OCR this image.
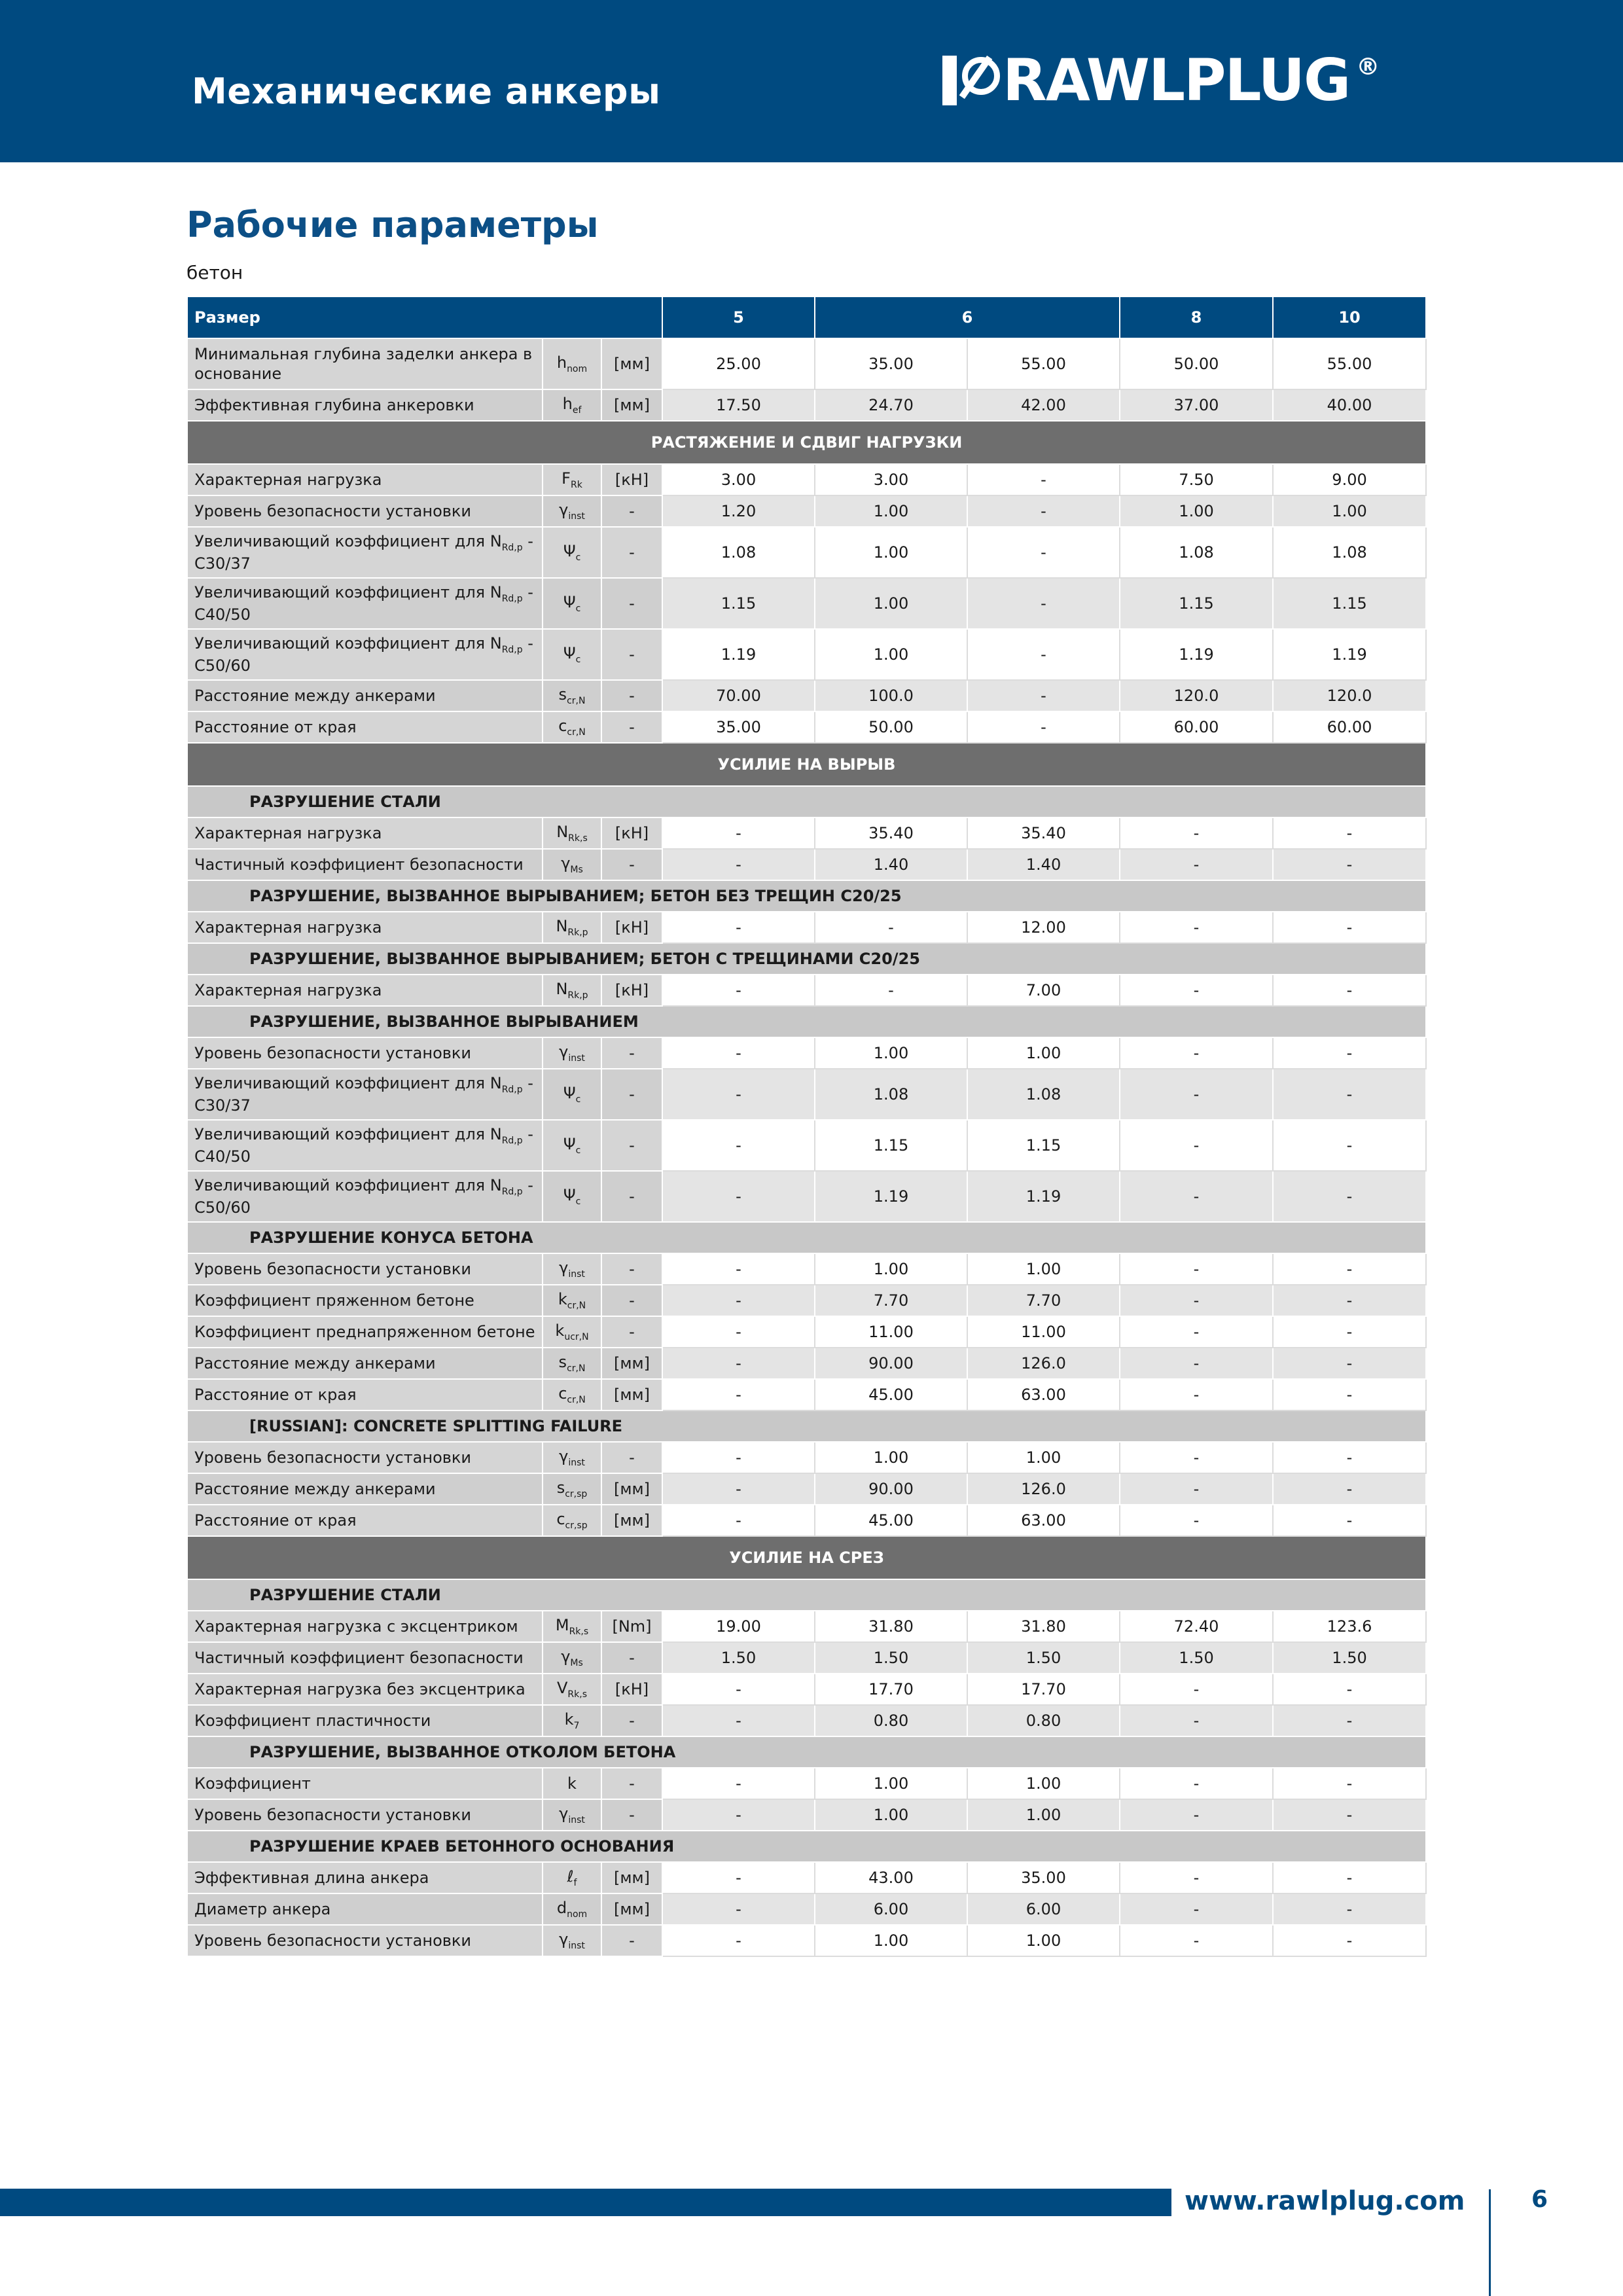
Механические анкеры	RAWLPLUG ®
Рабочие параметры
бетон
Размер			5	6		8	10
Минимальная глубина заделки анкера в основание	$h_{nom}$	[мм]	25.00	35.00	55.00	50.00	55.00
Эффективная глубина анкеровки	$h_{ef}$	[мм]	17.50	24.70	42.00	37.00	40.00
РАСТЯЖЕНИЕ И СДВИГ НАГРУЗКИ							
Характерная нагрузка	$F_{Rk}$	[кН]	3.00	3.00	-	7.50	9.00
Уровень безопасности установки	$\gamma_{inst}$	-	1.20	1.00	-	1.00	1.00
Увеличивающий коэффициент для $N_{Rd,p} - C30/37$	$\Psi_c$	-	1.08	1.00	-	1.08	1.08
Увеличивающий коэффициент для $N_{Rd,p} - C40/50$	$\Psi_c$	-	1.15	1.00	-	1.15	1.15
Увеличивающий коэффициент для $N_{Rd,p} - C50/60$	$\Psi_c$	-	1.19	1.00	-	1.19	1.19
Расстояние между анкерами	$s_{cr,N}$	-	70.00	100.0	-	120.0	120.0
Расстояние от края	$c_{cr,N}$	-	35.00	50.00	-	60.00	60.00
УСИЛИЕ НА ВЫРЫВ							
РАЗРУШЕНИЕ СТАЛИ							
Характерная нагрузка	$N_{Rk,s}$	[кН]	-	35.40	35.40	-	-
Частичный коэффициент безопасности	$\gamma_{Ms}$	-	-	1.40	1.40	-	-
РАЗРУШЕНИЕ, ВЫЗВАННОЕ ВЫРЫВАНИЕМ; БЕТОН БЕЗ ТРЕЩИН C20/25							
Характерная нагрузка	$N_{Rk,p}$	[кН]	-	-	12.00	-	-
РАЗРУШЕНИЕ, ВЫЗВАННОЕ ВЫРЫВАНИЕМ; БЕТОН С ТРЕЩИНАМИ C20/25							
Характерная нагрузка	$N_{Rk,p}$	[кН]	-	-	7.00	-	-
РАЗРУШЕНИЕ, ВЫЗВАННОЕ ВЫРЫВАНИЕМ							
Уровень безопасности установки	$\gamma_{inst}$	-	-	1.00	1.00	-	-
Увеличивающий коэффициент для $N_{Rd,p} - C30/37$	$\Psi_c$	-	-	1.08	1.08	-	-
Увеличивающий коэффициент для $N_{Rd,p} - C40/50$	$\Psi_c$	-	-	1.15	1.15	-	-
Увеличивающий коэффициент для $N_{Rd,p} - C50/60$	$\Psi_c$	-	-	1.19	1.19	-	-
РАЗРУШЕНИЕ КОНУСА БЕТОНА							
Уровень безопасности установки	$\gamma_{inst}$	-	-	1.00	1.00	-	-
Коэффициент пряженном бетоне	$k_{cr,N}$	-	-	7.70	7.70	-	-
Коэффициент преднапряженном бетоне	$k_{ucr,N}$	-	-	11.00	11.00	-	-
Расстояние между анкерами	$s_{cr,N}$	[мм]	-	90.00	126.0	-	-
Расстояние от края	$c_{cr,N}$	[мм]	-	45.00	63.00	-	-
[RUSSIAN]: CONCRETE SPLITTING FAILURE							
Уровень безопасности установки	$\gamma_{inst}$	-	-	1.00	1.00	-	-
Расстояние между анкерами	$s_{cr,sp}$	[мм]	-	90.00	126.0	-	-
Расстояние от края	$c_{cr,sp}$	[мм]	-	45.00	63.00	-	-
УСИЛИЕ НА СРЕЗ							
РАЗРУШЕНИЕ СТАЛИ							
Характерная нагрузка с эксцентриком	$M_{Rk,s}$	[Nm]	19.00	31.80	31.80	72.40	123.6
Частичный коэффициент безопасности	$\gamma_{Ms}$	-	1.50	1.50	1.50	1.50	1.50
Характерная нагрузка без эксцентрика	$V_{Rk,s}$	[кН]	-	17.70	17.70	-	-
Коэффициент пластичности	$k_7$	-	-	0.80	0.80	-	-
РАЗРУШЕНИЕ, ВЫЗВАННОЕ ОТКОЛОМ БЕТОНА							
Коэффициент	k	-	-	1.00	1.00	-	-
Уровень безопасности установки	$\gamma_{inst}$	-	-	1.00	1.00	-	-
РАЗРУШЕНИЕ КРАЕВ БЕТОННОГО ОСНОВАНИЯ							
Эффективная длина анкера	ℓ$_f$	[мм]	-	43.00	35.00	-	-
Диаметр анкера	$d_{nom}$	[мм]	-	6.00	6.00	-	-
Уровень безопасности установки	$\gamma_{inst}$	-	-	1.00	1.00	-	-
www.rawlplug.com	6
